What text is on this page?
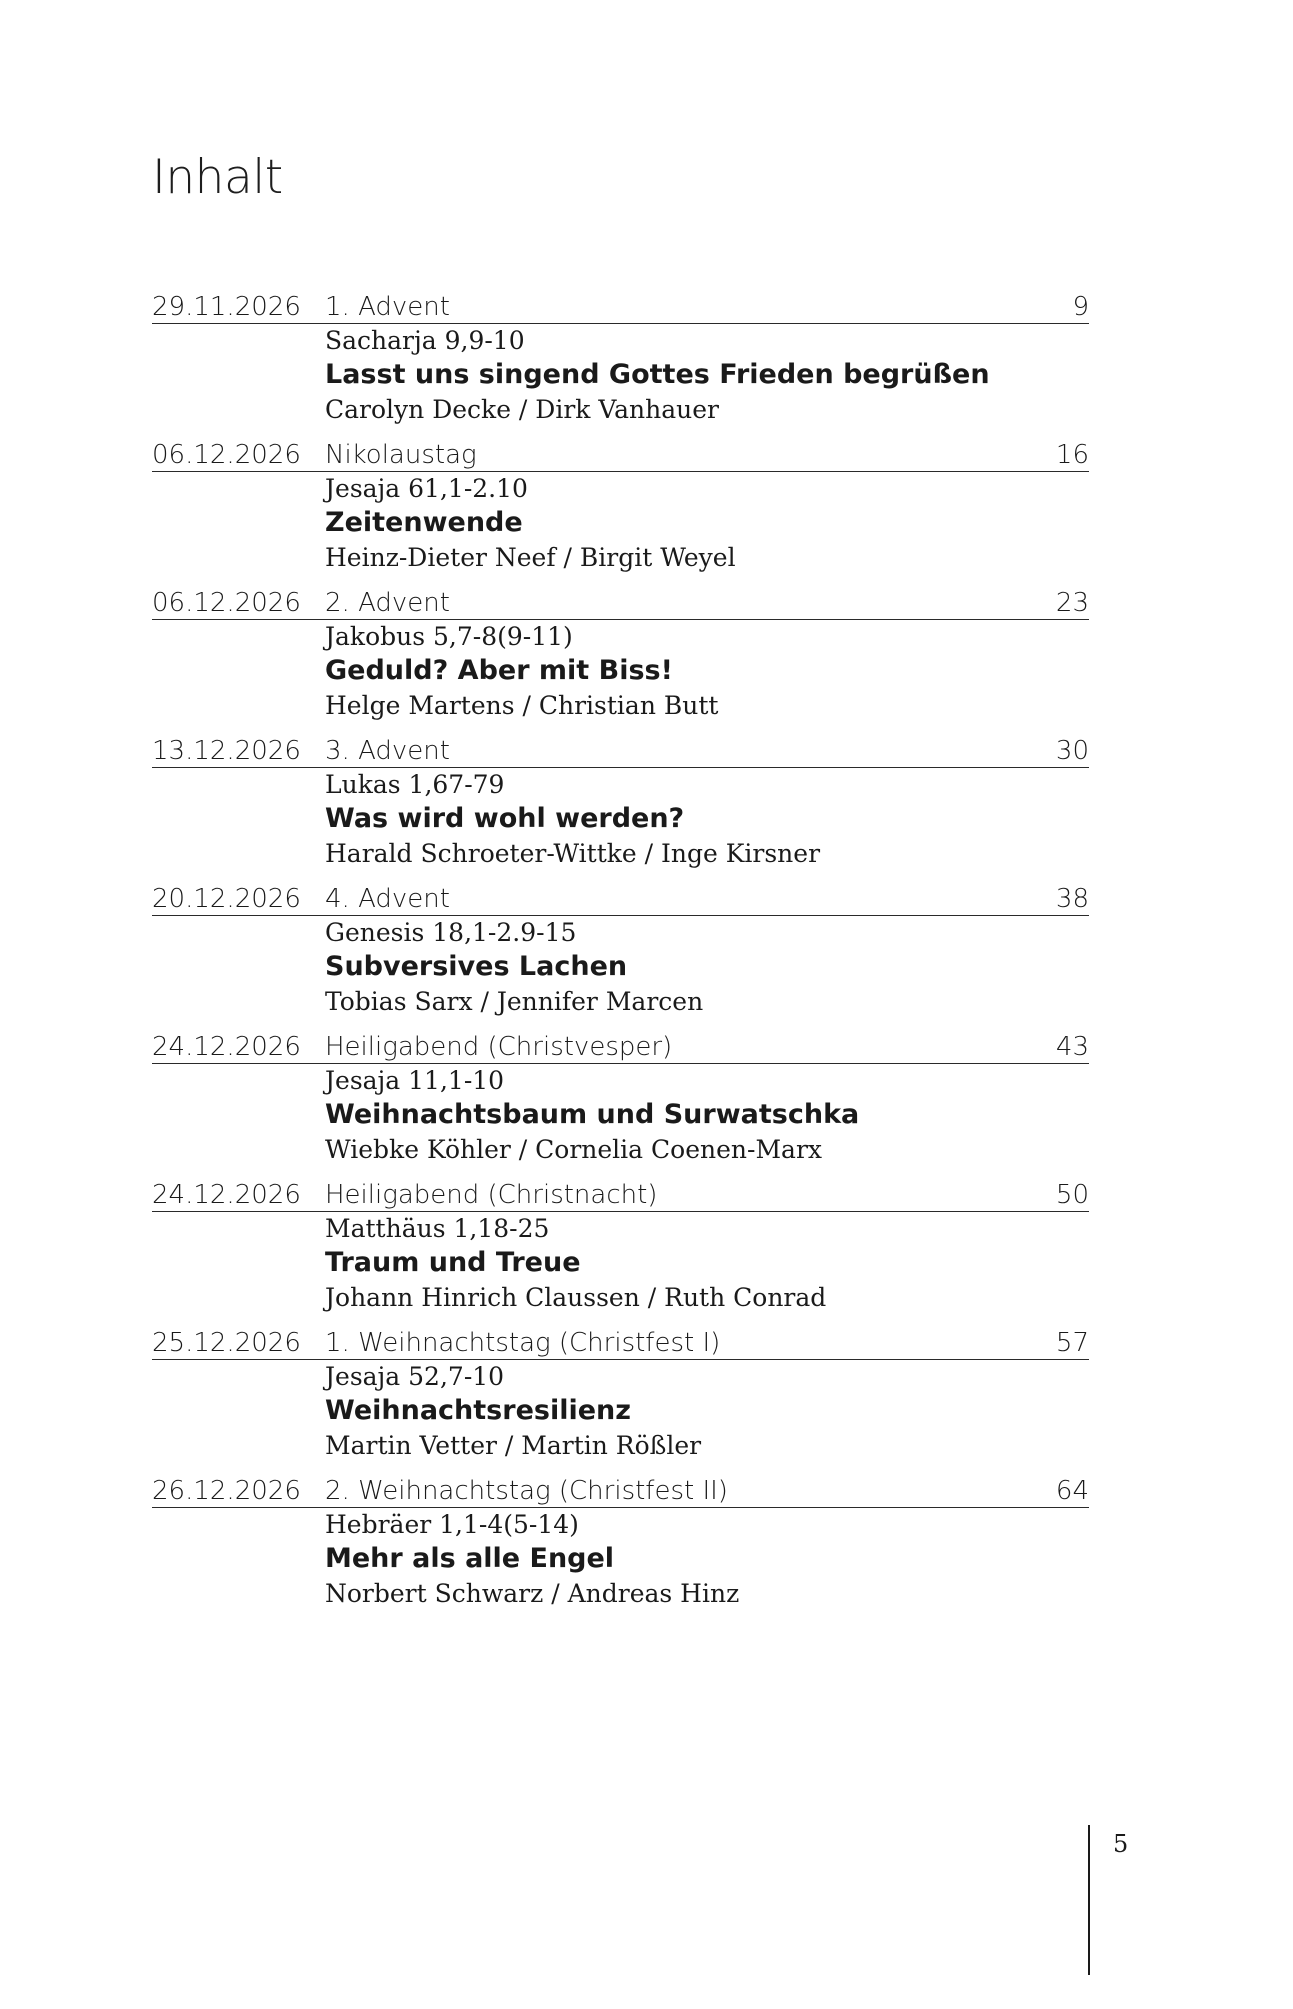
Inhalt
29.11.2026 1. Advent	9
Sacharja 9,9-10
Lasst uns singend Gottes Frieden begrüßen
Carolyn Decke / Dirk Vanhauer
06.12.2026 Nikolaustag	16
Jesaja 61,1-2.10
Zeitenwende
Heinz-Dieter Neef / Birgit Weyel
06.12.2026 2. Advent	23
Jakobus 5,7-8(9-11)
Geduld? Aber mit Biss!
Helge Martens / Christian Butt
13.12.2026 3. Advent	30
Lukas 1,67-79
Was wird wohl werden?
Harald Schroeter-Wittke / Inge Kirsner
20.12.2026 4. Advent	38
Genesis 18,1-2.9-15
Subversives Lachen
Tobias Sarx / Jennifer Marcen
24.12.2026 Heiligabend (Christvesper)	43
Jesaja 11,1-10
Weihnachtsbaum und Surwatschka
Wiebke Köhler / Cornelia Coenen-Marx
24.12.2026 Heiligabend (Christnacht)	50
Matthäus 1,18-25
Traum und Treue
Johann Hinrich Claussen / Ruth Conrad
25.12.2026 1. Weihnachtstag (Christfest I)	57
Jesaja 52,7-10
Weihnachtsresilienz
Martin Vetter / Martin Rößler
26.12.2026 2. Weihnachtstag (Christfest II)	64
Hebräer 1,1-4(5-14)
Mehr als alle Engel
Norbert Schwarz / Andreas Hinz
5
